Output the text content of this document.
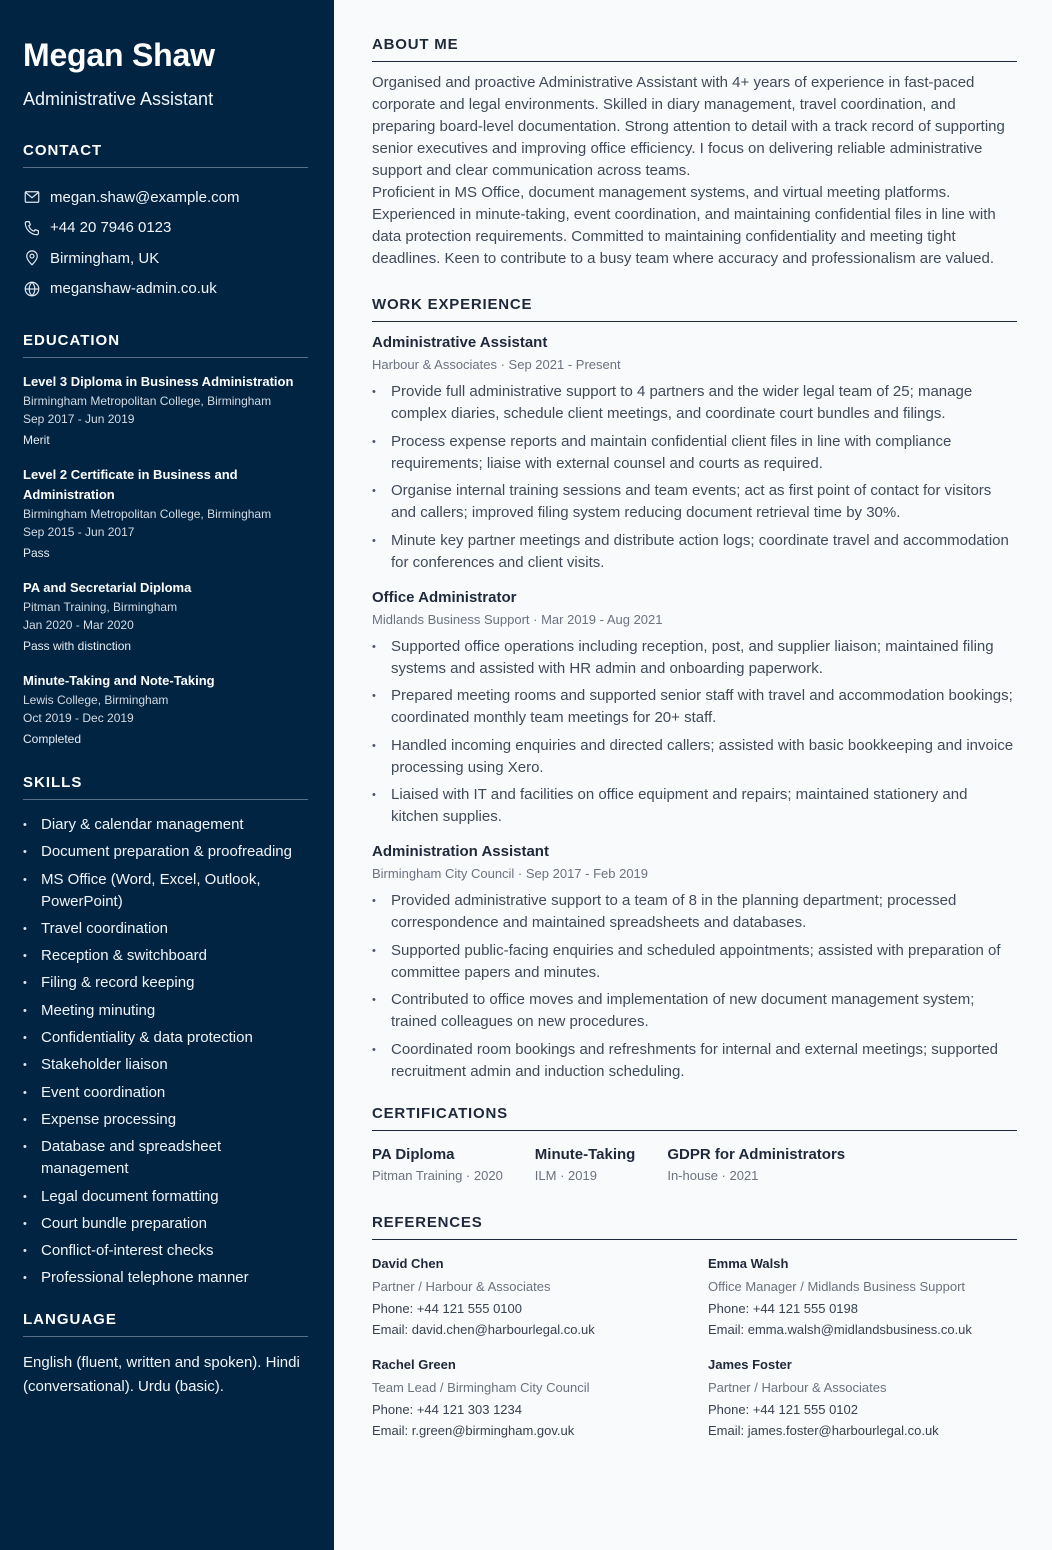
Megan Shaw
Administrative Assistant
CONTACT
megan.shaw@example.com
+44 20 7946 0123
Birmingham, UK
meganshaw-admin.co.uk
EDUCATION
Level 3 Diploma in Business Administration
Birmingham Metropolitan College, Birmingham
Sep 2017 - Jun 2019
Merit
Level 2 Certificate in Business and Administration
Birmingham Metropolitan College, Birmingham
Sep 2015 - Jun 2017
Pass
PA and Secretarial Diploma
Pitman Training, Birmingham
Jan 2020 - Mar 2020
Pass with distinction
Minute-Taking and Note-Taking
Lewis College, Birmingham
Oct 2019 - Dec 2019
Completed
SKILLS
• Diary & calendar management
• Document preparation & proofreading
• MS Office (Word, Excel, Outlook, PowerPoint)
• Travel coordination
• Reception & switchboard
• Filing & record keeping
• Meeting minuting
• Confidentiality & data protection
• Stakeholder liaison
• Event coordination
• Expense processing
• Database and spreadsheet management
• Legal document formatting
• Court bundle preparation
• Conflict-of-interest checks
• Professional telephone manner
LANGUAGE

English (fluent, written and spoken). Hindi (conversational). Urdu (basic).

ABOUT ME

Organised and proactive Administrative Assistant with 4+ years of experience in fast-paced corporate and legal environments. Skilled in diary management, travel coordination, and preparing board-level documentation. Strong attention to detail with a track record of supporting senior executives and improving office efficiency. I focus on delivering reliable administrative support and clear communication across teams.

Proficient in MS Office, document management systems, and virtual meeting platforms. Experienced in minute-taking, event coordination, and maintaining confidential files in line with data protection requirements. Committed to maintaining confidentiality and meeting tight deadlines. Keen to contribute to a busy team where accuracy and professionalism are valued.

WORK EXPERIENCE
Administrative Assistant
Harbour & Associates · Sep 2021 - Present
• Provide full administrative support to 4 partners and the wider legal team of 25; manage complex diaries, schedule client meetings, and coordinate court bundles and filings.
• Process expense reports and maintain confidential client files in line with compliance requirements; liaise with external counsel and courts as required.
• Organise internal training sessions and team events; act as first point of contact for visitors and callers; improved filing system reducing document retrieval time by 30%.
• Minute key partner meetings and distribute action logs; coordinate travel and accommodation for conferences and client visits.
Office Administrator
Midlands Business Support · Mar 2019 - Aug 2021
• Supported office operations including reception, post, and supplier liaison; maintained filing systems and assisted with HR admin and onboarding paperwork.
• Prepared meeting rooms and supported senior staff with travel and accommodation bookings; coordinated monthly team meetings for 20+ staff.
• Handled incoming enquiries and directed callers; assisted with basic bookkeeping and invoice processing using Xero.
• Liaised with IT and facilities on office equipment and repairs; maintained stationery and kitchen supplies.
Administration Assistant
Birmingham City Council · Sep 2017 - Feb 2019
• Provided administrative support to a team of 8 in the planning department; processed correspondence and maintained spreadsheets and databases.
• Supported public-facing enquiries and scheduled appointments; assisted with preparation of committee papers and minutes.
• Contributed to office moves and implementation of new document management system; trained colleagues on new procedures.
• Coordinated room bookings and refreshments for internal and external meetings; supported recruitment admin and induction scheduling.
CERTIFICATIONS
PA Diploma
Pitman Training · 2020
Minute-Taking
ILM · 2019
GDPR for Administrators
In-house · 2021
REFERENCES
David Chen
Partner / Harbour & Associates
Phone: +44 121 555 0100
Email: david.chen@harbourlegal.co.uk
Emma Walsh
Office Manager / Midlands Business Support
Phone: +44 121 555 0198
Email: emma.walsh@midlandsbusiness.co.uk
Rachel Green
Team Lead / Birmingham City Council
Phone: +44 121 303 1234
Email: r.green@birmingham.gov.uk
James Foster
Partner / Harbour & Associates
Phone: +44 121 555 0102
Email: james.foster@harbourlegal.co.uk
